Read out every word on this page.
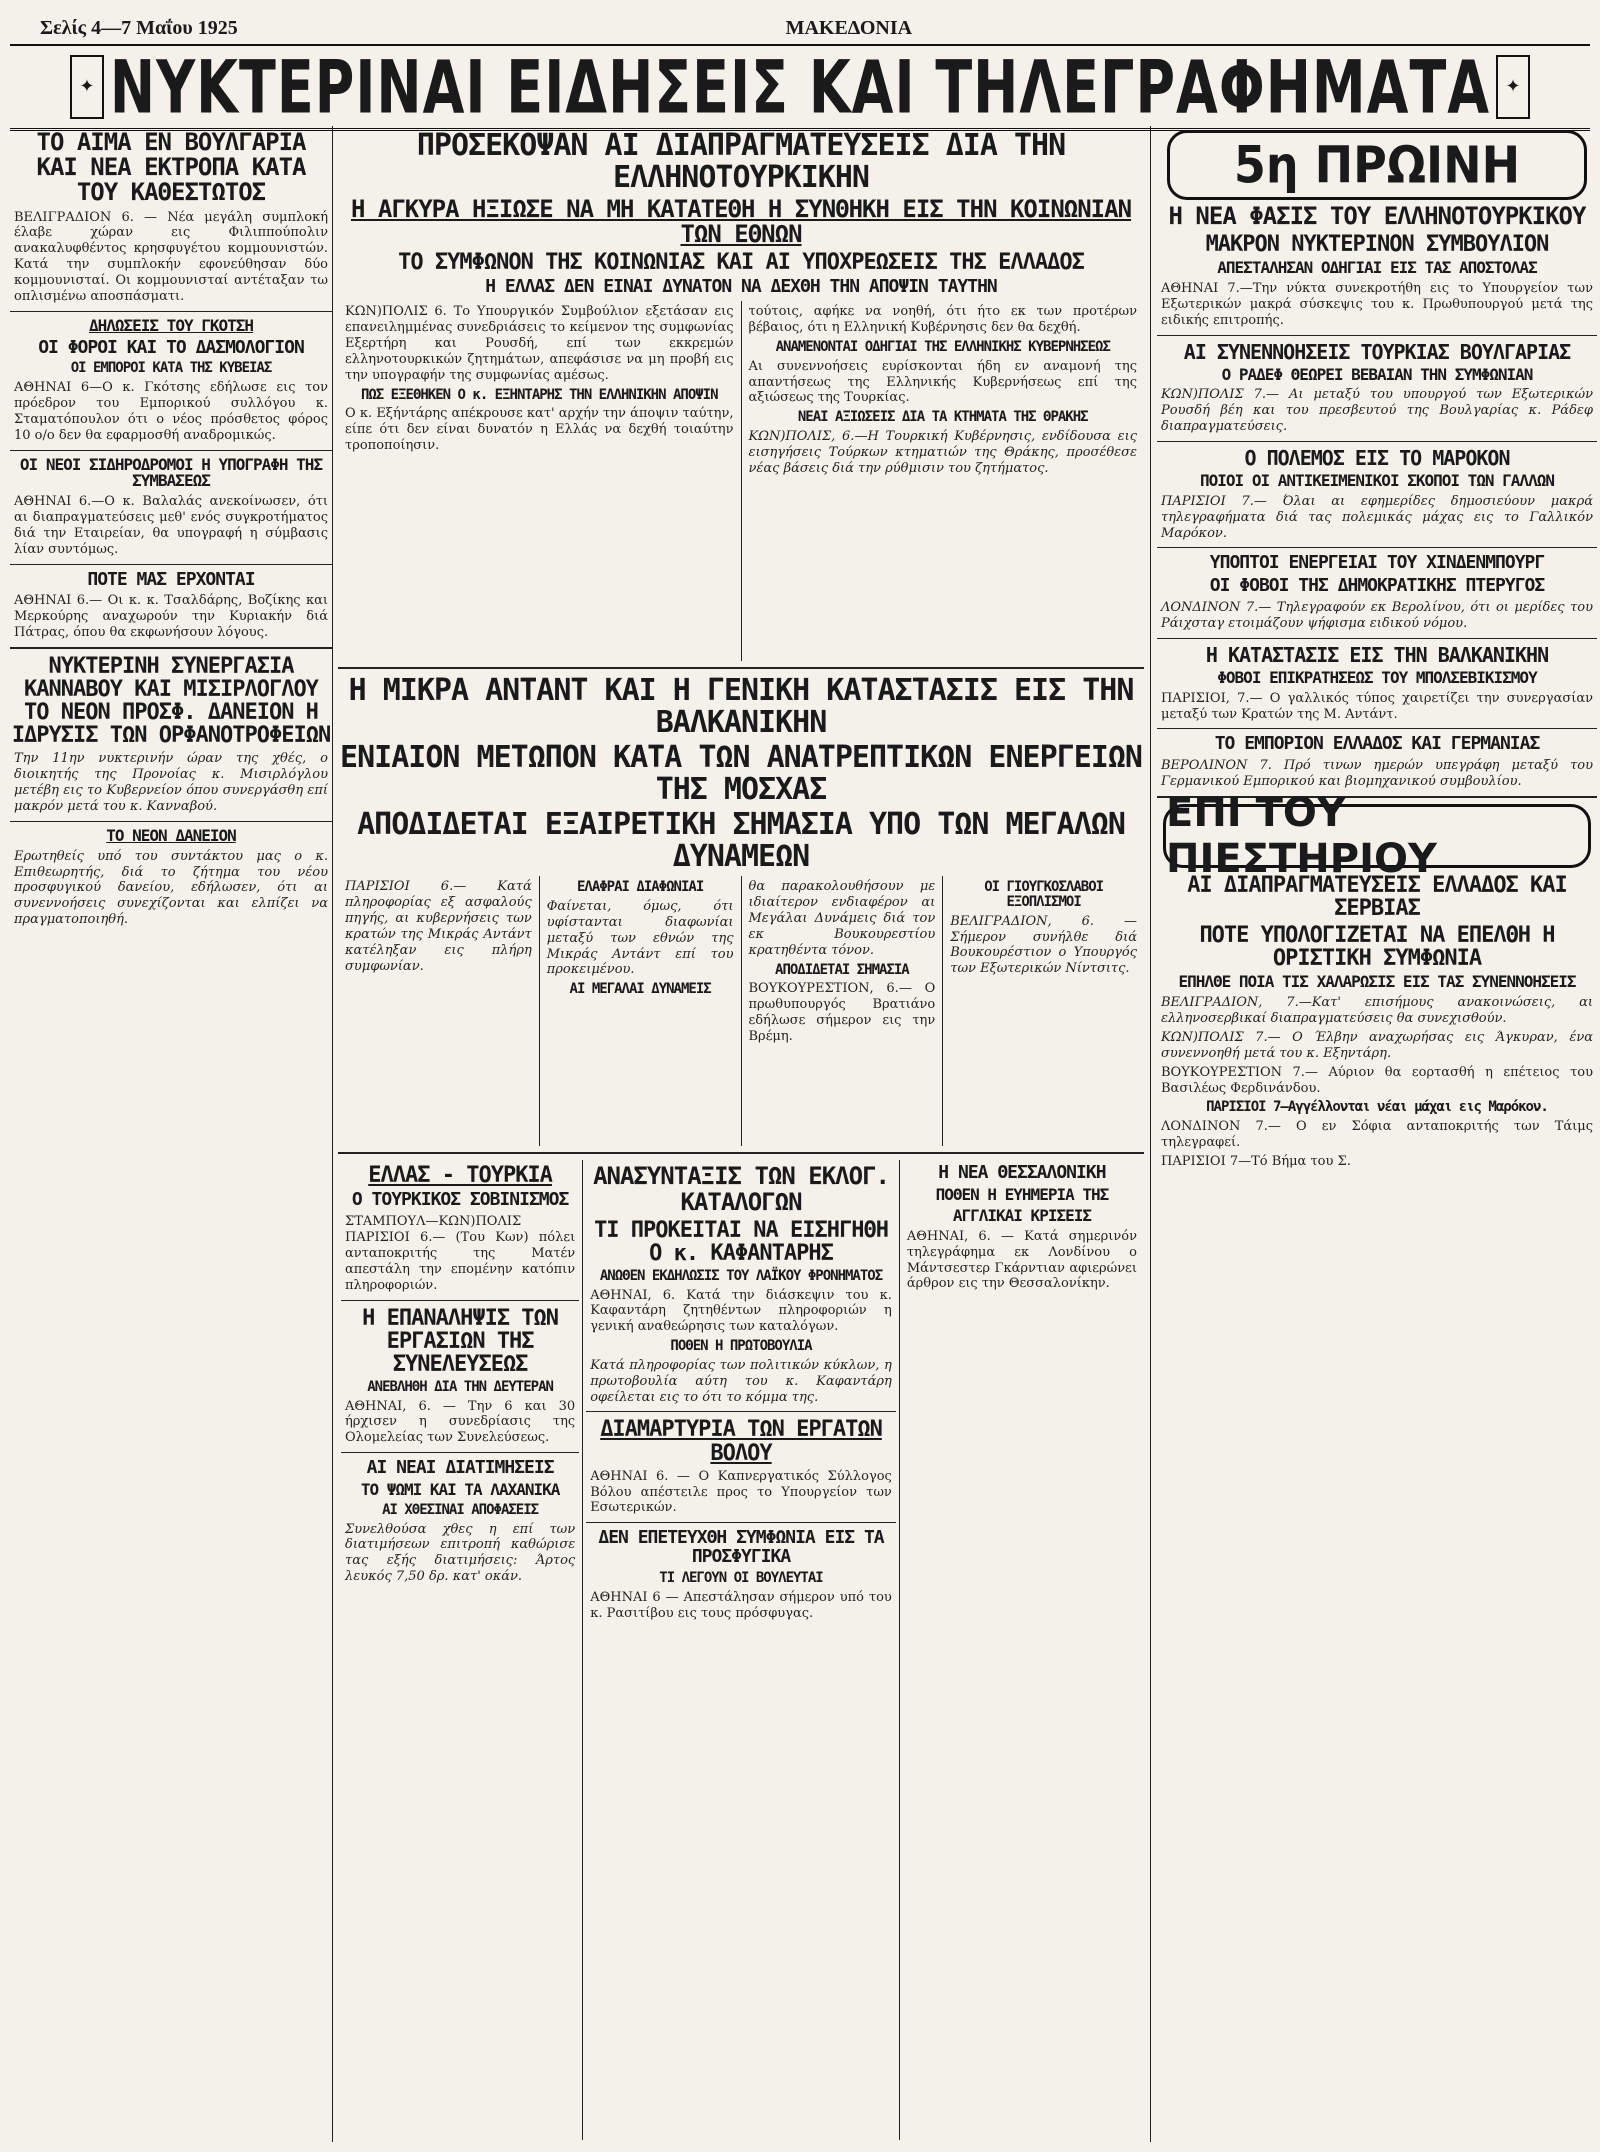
Σελίς 4—7 Μαΐου 1925	ΜΑΚΕΔΟΝΙΑ
✦ ΝΥΚΤΕΡΙΝΑΙ ΕΙΔΗΣΕΙΣ ΚΑΙ ΤΗΛΕΓΡΑΦΗΜΑΤΑ ✦
ΤΟ ΑΙΜΑ ΕΝ ΒΟΥΛΓΑΡΙΑ ΚΑΙ ΝΕΑ ΕΚΤΡΟΠΑ ΚΑΤΑ ΤΟΥ ΚΑΘΕΣΤΩΤΟΣ
ΒΕΛΙΓΡΑΔΙΟΝ 6. — Νέα μεγάλη συμπλοκή έλαβε χώραν εις Φιλιππούπολιν ανακαλυφθέντος κρησφυγέτου κομμουνιστών. Κατά την συμπλοκήν εφονεύθησαν δύο κομμουνισταί. Οι κομμουνισταί αντέταξαν τω οπλισμένω αποσπάσματι.
ΔΗΛΩΣΕΙΣ ΤΟΥ ΓΚΟΤΣΗ
ΟΙ ΦΟΡΟΙ ΚΑΙ ΤΟ ΔΑΣΜΟΛΟΓΙΟΝ
ΟΙ ΕΜΠΟΡΟΙ ΚΑΤΑ ΤΗΣ ΚΥΒΕΙΑΣ
ΑΘΗΝΑΙ 6—Ο κ. Γκότσης εδήλωσε εις τον πρόεδρον του Εμπορικού συλλόγου κ. Σταματόπουλον ότι ο νέος πρόσθετος φόρος 10 ο/ο δεν θα εφαρμοσθή αναδρομικώς.
ΟΙ ΝΕΟΙ ΣΙΔΗΡΟΔΡΟΜΟΙ Η ΥΠΟΓΡΑΦΗ ΤΗΣ ΣΥΜΒΑΣΕΩΣ
ΑΘΗΝΑΙ 6.—Ο κ. Βαλαλάς ανεκοίνωσεν, ότι αι διαπραγματεύσεις μεθ' ενός συγκροτήματος διά την Εταιρείαν, θα υπογραφή η σύμβασις λίαν συντόμως.
ΠΟΤΕ ΜΑΣ ΕΡΧΟΝΤΑΙ
ΑΘΗΝΑΙ 6.— Οι κ. κ. Τσαλδάρης, Βοζίκης και Μερκούρης αναχωρούν την Κυριακήν διά Πάτρας, όπου θα εκφωνήσουν λόγους.
ΝΥΚΤΕΡΙΝΗ ΣΥΝΕΡΓΑΣΙΑ ΚΑΝΝΑΒΟΥ ΚΑΙ ΜΙΣΙΡΛΟΓΛΟΥ ΤΟ ΝΕΟΝ ΠΡΟΣΦ. ΔΑΝΕΙΟΝ Η ΙΔΡΥΣΙΣ ΤΩΝ ΟΡΦΑΝΟΤΡΟΦΕΙΩΝ
Την 11ην νυκτερινήν ώραν της χθές, ο διοικητής της Προνοίας κ. Μισιρλόγλου μετέβη εις το Κυβερνείον όπου συνεργάσθη επί μακρόν μετά του κ. Κανναβού.
ΤΟ ΝΕΟΝ ΔΑΝΕΙΟΝ
Ερωτηθείς υπό του συντάκτου μας ο κ. Επιθεωρητής, διά το ζήτημα του νέου προσφυγικού δανείου, εδήλωσεν, ότι αι συνεννοήσεις συνεχίζονται και ελπίζει να πραγματοποιηθή.
ΠΡΟΣΕΚΟΨΑΝ ΑΙ ΔΙΑΠΡΑΓΜΑΤΕΥΣΕΙΣ ΔΙΑ ΤΗΝ ΕΛΛΗΝΟΤΟΥΡΚΙΚΗΝ
Η ΑΓΚΥΡΑ ΗΞΙΩΣΕ ΝΑ ΜΗ ΚΑΤΑΤΕΘΗ Η ΣΥΝΘΗΚΗ ΕΙΣ ΤΗΝ ΚΟΙΝΩΝΙΑΝ ΤΩΝ ΕΘΝΩΝ
ΤΟ ΣΥΜΦΩΝΟΝ ΤΗΣ ΚΟΙΝΩΝΙΑΣ ΚΑΙ ΑΙ ΥΠΟΧΡΕΩΣΕΙΣ ΤΗΣ ΕΛΛΑΔΟΣ
Η ΕΛΛΑΣ ΔΕΝ ΕΙΝΑΙ ΔΥΝΑΤΟΝ ΝΑ ΔΕΧΘΗ ΤΗΝ ΑΠΟΨΙΝ ΤΑΥΤΗΝ
ΚΩΝ)ΠΟΛΙΣ 6. Το Υπουργικόν Συμβούλιον εξετάσαν εις επανειλημμένας συνεδριάσεις το κείμενον της συμφωνίας Εξερτήρη και Ρουσδή, επί των εκκρεμών ελληνοτουρκικών ζητημάτων, απεφάσισε να μη προβή εις την υπογραφήν της συμφωνίας αμέσως.
ΠΩΣ ΕΞΕΘΗΚΕΝ Ο κ. ΕΞΗΝΤΑΡΗΣ ΤΗΝ ΕΛΛΗΝΙΚΗΝ ΑΠΟΨΙΝ
Ο κ. Εξήντάρης απέκρουσε κατ' αρχήν την άποψιν ταύτην, είπε ότι δεν είναι δυνατόν η Ελλάς να δεχθή τοιαύτην τροποποίησιν.
τούτοις, αφήκε να νοηθή, ότι ήτο εκ των προτέρων βέβαιος, ότι η Ελληνική Κυβέρνησις δεν θα δεχθή.
ΑΝΑΜΕΝΟΝΤΑΙ ΟΔΗΓΙΑΙ ΤΗΣ ΕΛΛΗΝΙΚΗΣ ΚΥΒΕΡΝΗΣΕΩΣ
Αι συνεννοήσεις ευρίσκονται ήδη εν αναμονή της απαντήσεως της Ελληνικής Κυβερνήσεως επί της αξιώσεως της Τουρκίας.
ΝΕΑΙ ΑΞΙΩΣΕΙΣ ΔΙΑ ΤΑ ΚΤΗΜΑΤΑ ΤΗΣ ΘΡΑΚΗΣ
ΚΩΝ)ΠΟΛΙΣ, 6.—Η Τουρκική Κυβέρνησις, ενδίδουσα εις εισηγήσεις Τούρκων κτηματιών της Θράκης, προσέθεσε νέας βάσεις διά την ρύθμισιν του ζητήματος.
Η ΜΙΚΡΑ ΑΝΤΑΝΤ ΚΑΙ Η ΓΕΝΙΚΗ ΚΑΤΑΣΤΑΣΙΣ ΕΙΣ ΤΗΝ ΒΑΛΚΑΝΙΚΗΝ
ΕΝΙΑΙΟΝ ΜΕΤΩΠΟΝ ΚΑΤΑ ΤΩΝ ΑΝΑΤΡΕΠΤΙΚΩΝ ΕΝΕΡΓΕΙΩΝ ΤΗΣ ΜΟΣΧΑΣ
ΑΠΟΔΙΔΕΤΑΙ ΕΞΑΙΡΕΤΙΚΗ ΣΗΜΑΣΙΑ ΥΠΟ ΤΩΝ ΜΕΓΑΛΩΝ ΔΥΝΑΜΕΩΝ
ΠΑΡΙΣΙΟΙ 6.— Κατά πληροφορίας εξ ασφαλούς πηγής, αι κυβερνήσεις των κρατών της Μικράς Αντάντ κατέληξαν εις πλήρη συμφωνίαν.
ΕΛΑΦΡΑΙ ΔΙΑΦΩΝΙΑΙ
Φαίνεται, όμως, ότι υφίστανται διαφωνίαι μεταξύ των εθνών της Μικράς Αντάντ επί του προκειμένου.
ΑΙ ΜΕΓΑΛΑΙ ΔΥΝΑΜΕΙΣ
θα παρακολουθήσουν με ιδιαίτερον ενδιαφέρον αι Μεγάλαι Δυνάμεις διά τον εκ Βουκουρεστίου κρατηθέντα τόνον.
ΑΠΟΔΙΔΕΤΑΙ ΣΗΜΑΣΙΑ
ΒΟΥΚΟΥΡΕΣΤΙΟΝ, 6.— Ο πρωθυπουργός Βρατιάνο εδήλωσε σήμερον εις την Βρέμη.
ΟΙ ΓΙΟΥΓΚΟΣΛΑΒΟΙ ΕΞΟΠΛΙΣΜΟΙ
ΒΕΛΙΓΡΑΔΙΟΝ, 6. — Σήμερον συνήλθε διά Βουκουρέστιον ο Υπουργός των Εξωτερικών Νίντσιτς.
ΕΛΛΑΣ - ΤΟΥΡΚΙΑ
Ο ΤΟΥΡΚΙΚΟΣ ΣΟΒΙΝΙΣΜΟΣ
ΣΤΑΜΠΟΥΛ—ΚΩΝ)ΠΟΛΙΣ ΠΑΡΙΣΙΟΙ 6.— (Του Κων) πόλει ανταποκριτής της Ματέν απεστάλη την επομένην κατόπιν πληροφοριών.
Η ΕΠΑΝΑΛΗΨΙΣ ΤΩΝ ΕΡΓΑΣΙΩΝ ΤΗΣ ΣΥΝΕΛΕΥΣΕΩΣ
ΑΝΕΒΛΗΘΗ ΔΙΑ ΤΗΝ ΔΕΥΤΕΡΑΝ
ΑΘΗΝΑΙ, 6. — Την 6 και 30 ήρχισεν η συνεδρίασις της Ολομελείας των Συνελεύσεως.
ΑΙ ΝΕΑΙ ΔΙΑΤΙΜΗΣΕΙΣ
ΤΟ ΨΩΜΙ ΚΑΙ ΤΑ ΛΑΧΑΝΙΚΑ
ΑΙ ΧΘΕΣΙΝΑΙ ΑΠΟΦΑΣΕΙΣ
Συνελθούσα χθες η επί των διατιμήσεων επιτροπή καθώρισε τας εξής διατιμήσεις: Άρτος λευκός 7,50 δρ. κατ' οκάν.
ΑΝΑΣΥΝΤΑΞΙΣ ΤΩΝ ΕΚΛΟΓ. ΚΑΤΑΛΟΓΩΝ
ΤΙ ΠΡΟΚΕΙΤΑΙ ΝΑ ΕΙΣΗΓΗΘΗ Ο κ. ΚΑΦΑΝΤΑΡΗΣ
ΑΝΩΘΕΝ ΕΚΔΗΛΩΣΙΣ ΤΟΥ ΛΑΪΚΟΥ ΦΡΟΝΗΜΑΤΟΣ
ΑΘΗΝΑΙ, 6. Κατά την διάσκεψιν του κ. Καφαντάρη ζητηθέντων πληροφοριών η γενική αναθεώρησις των καταλόγων.
ΠΟΘΕΝ Η ΠΡΩΤΟΒΟΥΛΙΑ
Κατά πληροφορίας των πολιτικών κύκλων, η πρωτοβουλία αύτη του κ. Καφαντάρη οφείλεται εις το ότι το κόμμα της.
ΔΙΑΜΑΡΤΥΡΙΑ ΤΩΝ ΕΡΓΑΤΩΝ ΒΟΛΟΥ
ΑΘΗΝΑΙ 6. — Ο Καπνεργατικός Σύλλογος Βόλου απέστειλε προς το Υπουργείον των Εσωτερικών.
ΔΕΝ ΕΠΕΤΕΥΧΘΗ ΣΥΜΦΩΝΙΑ ΕΙΣ ΤΑ ΠΡΟΣΦΥΓΙΚΑ
ΤΙ ΛΕΓΟΥΝ ΟΙ ΒΟΥΛΕΥΤΑΙ
ΑΘΗΝΑΙ 6 — Απεστάλησαν σήμερον υπό του κ. Ρασιτίβου εις τους πρόσφυγας.
Η ΝΕΑ ΘΕΣΣΑΛΟΝΙΚΗ
ΠΟΘΕΝ Η ΕΥΗΜΕΡΙΑ ΤΗΣ
ΑΓΓΛΙΚΑΙ ΚΡΙΣΕΙΣ
ΑΘΗΝΑΙ, 6. — Κατά σημερινόν τηλεγράφημα εκ Λονδίνου ο Μάντσεστερ Γκάρντιαν αφιερώνει άρθρον εις την Θεσσαλονίκην.
5η ΠΡΩΙΝΗ
Η ΝΕΑ ΦΑΣΙΣ ΤΟΥ ΕΛΛΗΝΟΤΟΥΡΚΙΚΟΥ
ΜΑΚΡΟΝ ΝΥΚΤΕΡΙΝΟΝ ΣΥΜΒΟΥΛΙΟΝ
ΑΠΕΣΤΑΛΗΣΑΝ ΟΔΗΓΙΑΙ ΕΙΣ ΤΑΣ ΑΠΟΣΤΟΛΑΣ
ΑΘΗΝΑΙ 7.—Την νύκτα συνεκροτήθη εις το Υπουργείον των Εξωτερικών μακρά σύσκεψις του κ. Πρωθυπουργού μετά της ειδικής επιτροπής.
ΑΙ ΣΥΝΕΝΝΟΗΣΕΙΣ ΤΟΥΡΚΙΑΣ ΒΟΥΛΓΑΡΙΑΣ
Ο ΡΑΔΕΦ ΘΕΩΡΕΙ ΒΕΒΑΙΑΝ ΤΗΝ ΣΥΜΦΩΝΙΑΝ
ΚΩΝ)ΠΟΛΙΣ 7.— Αι μεταξύ του υπουργού των Εξωτερικών Ρουσδή βέη και του πρεσβευτού της Βουλγαρίας κ. Ράδεφ διαπραγματεύσεις.
Ο ΠΟΛΕΜΟΣ ΕΙΣ ΤΟ ΜΑΡΟΚΟΝ
ΠΟΙΟΙ ΟΙ ΑΝΤΙΚΕΙΜΕΝΙΚΟΙ ΣΚΟΠΟΙ ΤΩΝ ΓΑΛΛΩΝ
ΠΑΡΙΣΙΟΙ 7.— Όλαι αι εφημερίδες δημοσιεύουν μακρά τηλεγραφήματα διά τας πολεμικάς μάχας εις το Γαλλικόν Μαρόκον.
ΥΠΟΠΤΟΙ ΕΝΕΡΓΕΙΑΙ ΤΟΥ ΧΙΝΔΕΝΜΠΟΥΡΓ
ΟΙ ΦΟΒΟΙ ΤΗΣ ΔΗΜΟΚΡΑΤΙΚΗΣ ΠΤΕΡΥΓΟΣ
ΛΟΝΔΙΝΟΝ 7.— Τηλεγραφούν εκ Βερολίνου, ότι οι μερίδες του Ράιχσταγ ετοιμάζουν ψήφισμα ειδικού νόμου.
Η ΚΑΤΑΣΤΑΣΙΣ ΕΙΣ ΤΗΝ ΒΑΛΚΑΝΙΚΗΝ
ΦΟΒΟΙ ΕΠΙΚΡΑΤΗΣΕΩΣ ΤΟΥ ΜΠΟΛΣΕΒΙΚΙΣΜΟΥ
ΠΑΡΙΣΙΟΙ, 7.— Ο γαλλικός τύπος χαιρετίζει την συνεργασίαν μεταξύ των Κρατών της Μ. Αντάντ.
ΤΟ ΕΜΠΟΡΙΟΝ ΕΛΛΑΔΟΣ ΚΑΙ ΓΕΡΜΑΝΙΑΣ
ΒΕΡΟΛΙΝΟΝ 7. Πρό τινων ημερών υπεγράφη μεταξύ του Γερμανικού Εμπορικού και βιομηχανικού συμβουλίου.
ΕΠΙ ΤΟΥ ΠΙΕΣΤΗΡΙΟΥ
ΑΙ ΔΙΑΠΡΑΓΜΑΤΕΥΣΕΙΣ ΕΛΛΑΔΟΣ ΚΑΙ ΣΕΡΒΙΑΣ
ΠΟΤΕ ΥΠΟΛΟΓΙΖΕΤΑΙ ΝΑ ΕΠΕΛΘΗ Η ΟΡΙΣΤΙΚΗ ΣΥΜΦΩΝΙΑ
ΕΠΗΛΘΕ ΠΟΙΑ ΤΙΣ ΧΑΛΑΡΩΣΙΣ ΕΙΣ ΤΑΣ ΣΥΝΕΝΝΟΗΣΕΙΣ
ΒΕΛΙΓΡΑΔΙΟΝ, 7.—Κατ' επισήμους ανακοινώσεις, αι ελληνοσερβικαί διαπραγματεύσεις θα συνεχισθούν.
ΚΩΝ)ΠΟΛΙΣ 7.— Ο Έλβην αναχωρήσας εις Άγκυραν, ένα συνεννοηθή μετά του κ. Εξηντάρη.
ΒΟΥΚΟΥΡΕΣΤΙΟΝ 7.— Αύριον θα εορτασθή η επέτειος του Βασιλέως Φερδινάνδου.
ΠΑΡΙΣΙΟΙ 7—Αγγέλλονται νέαι μάχαι εις Μαρόκον.
ΛΟΝΔΙΝΟΝ 7.— Ο εν Σόφια ανταποκριτής των Τάιμς τηλεγραφεί.
ΠΑΡΙΣΙΟΙ 7—Τό Βήμα του Σ.
